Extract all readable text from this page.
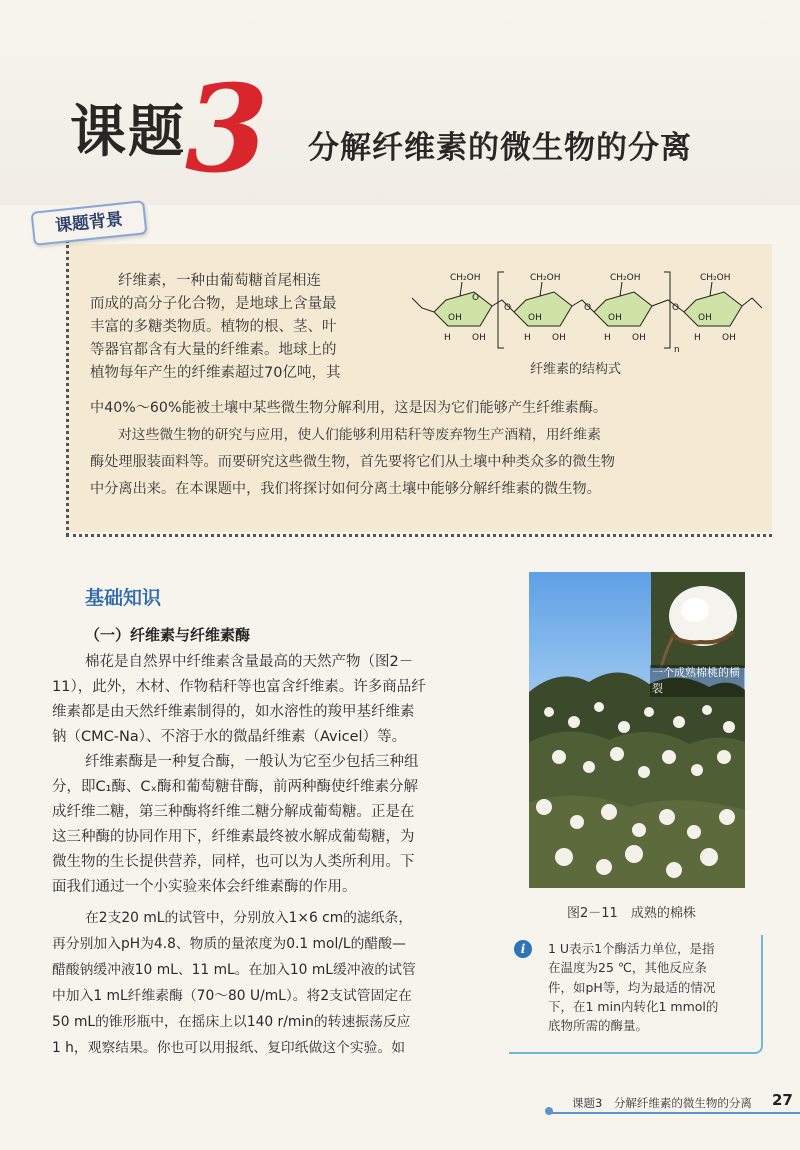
课题 3 分解纤维素的微生物的分离
课题背景
纤维素，一种由葡萄糖首尾相连
而成的高分子化合物，是地球上含量最
丰富的多糖类物质。植物的根、茎、叶
等器官都含有大量的纤维素。地球上的
植物每年产生的纤维素超过70亿吨，其
中40%～60%能被土壤中某些微生物分解利用，这是因为它们能够产生纤维素酶。
对这些微生物的研究与应用，使人们能够利用秸秆等废弃物生产酒精，用纤维素
酶处理服装面料等。而要研究这些微生物，首先要将它们从土壤中种类众多的微生物
中分离出来。在本课题中，我们将探讨如何分离土壤中能够分解纤维素的微生物。
CH₂OH	CH₂OH	CH₂OH	CH₂OH
OH	OH	OH	OH
H OH	H OH	H OH	H OH
O
O	O	O
n
纤维素的结构式
基础知识
（一）纤维素与纤维素酶
棉花是自然界中纤维素含量最高的天然产物（图2－
11），此外，木材、作物秸秆等也富含纤维素。许多商品纤
维素都是由天然纤维素制得的，如水溶性的羧甲基纤维素
钠（CMC-Na）、不溶于水的微晶纤维素（Avicel）等。
纤维素酶是一种复合酶，一般认为它至少包括三种组
分，即C₁酶、Cₓ酶和葡萄糖苷酶，前两种酶使纤维素分解
成纤维二糖，第三种酶将纤维二糖分解成葡萄糖。正是在
这三种酶的协同作用下，纤维素最终被水解成葡萄糖，为
微生物的生长提供营养，同样，也可以为人类所利用。下
面我们通过一个小实验来体会纤维素酶的作用。
在2支20 mL的试管中，分别放入1×6 cm的滤纸条，
再分别加入pH为4.8、物质的量浓度为0.1 mol/L的醋酸—
醋酸钠缓冲液10 mL、11 mL。在加入10 mL缓冲液的试管
中加入1 mL纤维素酶（70～80 U/mL）。将2支试管固定在
50 mL的锥形瓶中，在摇床上以140 r/min的转速振荡反应
1 h，观察结果。你也可以用报纸、复印纸做这个实验。如
一个成熟棉桃的横裂
图2－11　成熟的棉株
i	1 U表示1个酶活力单位，是指
在温度为25 ℃，其他反应条
件，如pH等，均为最适的情况
下，在1 min内转化1 mmol的
底物所需的酶量。
课题3　分解纤维素的微生物的分离 27
